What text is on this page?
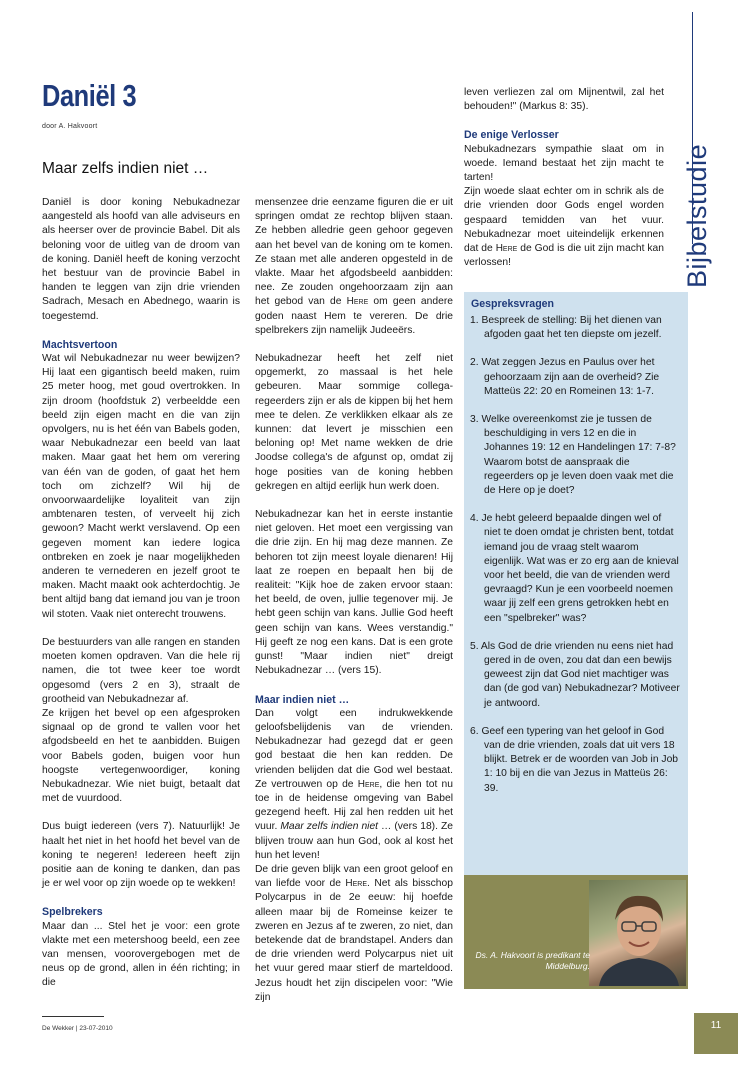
Daniël 3
door A. Hakvoort
Maar zelfs indien niet …	Bijbelstudie

Daniël is door koning Nebukadnezar aangesteld als hoofd van alle adviseurs en als heerser over de provincie Babel. Dit als beloning voor de uitleg van de droom van de koning. Daniël heeft de koning verzocht het bestuur van de provincie Babel in handen te leggen van zijn drie vrienden Sadrach, Mesach en Abednego, waarin is toegestemd.

Machtsvertoon

Wat wil Nebukadnezar nu weer bewijzen? Hij laat een gigantisch beeld maken, ruim 25 meter hoog, met goud overtrokken. In zijn droom (hoofdstuk 2) verbeeldde een beeld zijn eigen macht en die van zijn opvolgers, nu is het één van Babels goden, waar Nebukadnezar een beeld van laat maken. Maar gaat het hem om verering van één van de goden, of gaat het hem toch om zichzelf? Wil hij de onvoorwaardelijke loyaliteit van zijn ambtenaren testen, of verveelt hij zich gewoon? Macht werkt verslavend. Op een gegeven moment kan iedere logica ontbreken en zoek je naar mogelijkheden anderen te vernederen en jezelf groot te maken. Macht maakt ook achterdochtig. Je bent altijd bang dat iemand jou van je troon wil stoten. Vaak niet onterecht trouwens.

De bestuurders van alle rangen en standen moeten komen opdraven. Van die hele rij namen, die tot twee keer toe wordt opgesomd (vers 2 en 3), straalt de grootheid van Nebukadnezar af.

Ze krijgen het bevel op een afgesproken signaal op de grond te vallen voor het afgodsbeeld en het te aanbidden. Buigen voor Babels goden, buigen voor hun hoogste vertegenwoordiger, koning Nebukadnezar. Wie niet buigt, betaalt dat met de vuurdood.

Dus buigt iedereen (vers 7). Natuurlijk! Je haalt het niet in het hoofd het bevel van de koning te negeren! Iedereen heeft zijn positie aan de koning te danken, dan pas je er wel voor op zijn woede op te wekken!

Spelbrekers

Maar dan ... Stel het je voor: een grote vlakte met een metershoog beeld, een zee van mensen, voorovergebogen met de neus op de grond, allen in één richting; in die

mensenzee drie eenzame figuren die er uit springen omdat ze rechtop blijven staan. Ze hebben alledrie geen gehoor gegeven aan het bevel van de koning om te komen. Ze staan met alle anderen opgesteld in de vlakte. Maar het afgodsbeeld aanbidden: nee. Ze zouden ongehoorzaam zijn aan het gebod van de Here om geen andere goden naast Hem te vereren. De drie spelbrekers zijn namelijk Judeeërs.

Nebukadnezar heeft het zelf niet opgemerkt, zo massaal is het hele gebeuren. Maar sommige collega-regeerders zijn er als de kippen bij het hem mee te delen. Ze verklikken elkaar als ze kunnen: dat levert je misschien een beloning op! Met name wekken de drie Joodse collega's de afgunst op, omdat zij hoge posities van de koning hebben gekregen en altijd eerlijk hun werk doen.

Nebukadnezar kan het in eerste instantie niet geloven. Het moet een vergissing van die drie zijn. En hij mag deze mannen. Ze behoren tot zijn meest loyale dienaren! Hij laat ze roepen en bepaalt hen bij de realiteit: "Kijk hoe de zaken ervoor staan: het beeld, de oven, jullie tegenover mij. Je hebt geen schijn van kans. Jullie God heeft geen schijn van kans. Wees verstandig." Hij geeft ze nog een kans. Dat is een grote gunst! "Maar indien niet" dreigt Nebukadnezar … (vers 15).

Maar indien niet …

Dan volgt een indrukwekkende geloofsbelijdenis van de vrienden. Nebukadnezar had gezegd dat er geen god bestaat die hen kan redden. De vrienden belijden dat die God wel bestaat. Ze vertrouwen op de Here, die hen tot nu toe in de heidense omgeving van Babel gezegend heeft. Hij zal hen redden uit het vuur. Maar zelfs indien niet … (vers 18). Ze blijven trouw aan hun God, ook al kost het hun het leven!

De drie geven blijk van een groot geloof en van liefde voor de Here. Net als bisschop Polycarpus in de 2e eeuw: hij hoefde alleen maar bij de Romeinse keizer te zweren en Jezus af te zweren, zo niet, dan betekende dat de brandstapel. Anders dan de drie vrienden werd Polycarpus niet uit het vuur gered maar stierf de marteldood. Jezus houdt het zijn discipelen voor: "Wie zijn

leven verliezen zal om Mijnentwil, zal het behouden!" (Markus 8: 35).

De enige Verlosser

Nebukadnezars sympathie slaat om in woede. Iemand bestaat het zijn macht te tarten!

Zijn woede slaat echter om in schrik als de drie vrienden door Gods engel worden gespaard temidden van het vuur. Nebukadnezar moet uiteindelijk erkennen dat de Here de God is die uit zijn macht kan verlossen!

Gespreksvragen
1. Bespreek de stelling: Bij het dienen van afgoden gaat het ten diepste om jezelf.
2. Wat zeggen Jezus en Paulus over het gehoorzaam zijn aan de overheid? Zie Matteüs 22: 20 en Romeinen 13: 1-7.
3. Welke overeenkomst zie je tussen de beschuldiging in vers 12 en die in Johannes 19: 12 en Handelingen 17: 7-8? Waarom botst de aanspraak die regeerders op je leven doen vaak met die de Here op je doet?
4. Je hebt geleerd bepaalde dingen wel of niet te doen omdat je christen bent, totdat iemand jou de vraag stelt waarom eigenlijk. Wat was er zo erg aan de knieval voor het beeld, die van de vrienden werd gevraagd? Kun je een voorbeeld noemen waar jij zelf een grens getrokken hebt en een "spelbreker" was?
5. Als God de drie vrienden nu eens niet had gered in de oven, zou dat dan een bewijs geweest zijn dat God niet machtiger was dan (de god van) Nebukadnezar? Motiveer je antwoord.
6. Geef een typering van het geloof in God van de drie vrienden, zoals dat uit vers 18 blijkt. Betrek er de woorden van Job in Job 1: 10 bij en die van Jezus in Matteüs 26: 39.
Ds. A. Hakvoort is predikant te Middelburg.
De Wekker | 23-07-2010	11
